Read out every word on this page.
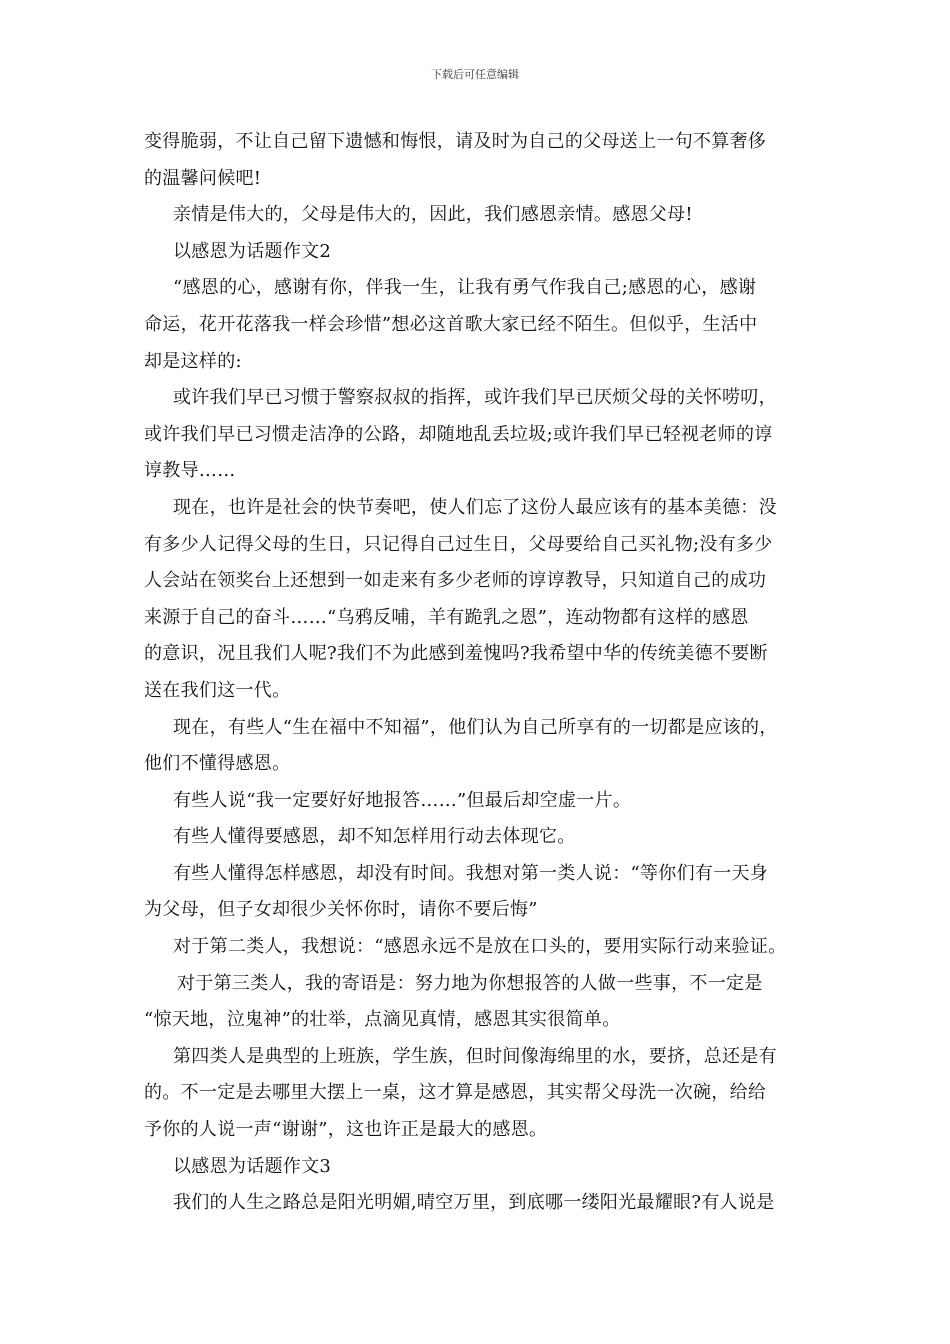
下载后可任意编辑

变得脆弱，不让自己留下遗憾和悔恨，请及时为自己的父母送上一句不算奢侈

的温馨问候吧!

亲情是伟大的，父母是伟大的，因此，我们感恩亲情。感恩父母!

以感恩为话题作文2

“感恩的心，感谢有你，伴我一生，让我有勇气作我自己;感恩的心，感谢

命运，花开花落我一样会珍惜”想必这首歌大家已经不陌生。但似乎，生活中

却是这样的:

或许我们早已习惯于警察叔叔的指挥，或许我们早已厌烦父母的关怀唠叨，

或许我们早已习惯走洁净的公路，却随地乱丢垃圾;或许我们早已轻视老师的谆

谆教导……

现在，也许是社会的快节奏吧，使人们忘了这份人最应该有的基本美德：没

有多少人记得父母的生日，只记得自己过生日，父母要给自己买礼物;没有多少

人会站在领奖台上还想到一如走来有多少老师的谆谆教导，只知道自己的成功

来源于自己的奋斗……“乌鸦反哺，羊有跪乳之恩”，连动物都有这样的感恩

的意识，况且我们人呢?我们不为此感到羞愧吗?我希望中华的传统美德不要断

送在我们这一代。

现在，有些人“生在福中不知福”，他们认为自己所享有的一切都是应该的，

他们不懂得感恩。

有些人说“我一定要好好地报答……”但最后却空虚一片。

有些人懂得要感恩，却不知怎样用行动去体现它。

有些人懂得怎样感恩，却没有时间。我想对第一类人说：“等你们有一天身

为父母，但子女却很少关怀你时，请你不要后悔”

对于第二类人，我想说：“感恩永远不是放在口头的，要用实际行动来验证。

对于第三类人，我的寄语是：努力地为你想报答的人做一些事，不一定是

“惊天地，泣鬼神”的壮举，点滴见真情，感恩其实很简单。

第四类人是典型的上班族，学生族，但时间像海绵里的水，要挤，总还是有

的。不一定是去哪里大摆上一桌，这才算是感恩，其实帮父母洗一次碗，给给

予你的人说一声“谢谢”，这也许正是最大的感恩。

以感恩为话题作文3

我们的人生之路总是阳光明媚,晴空万里，到底哪一缕阳光最耀眼?有人说是
